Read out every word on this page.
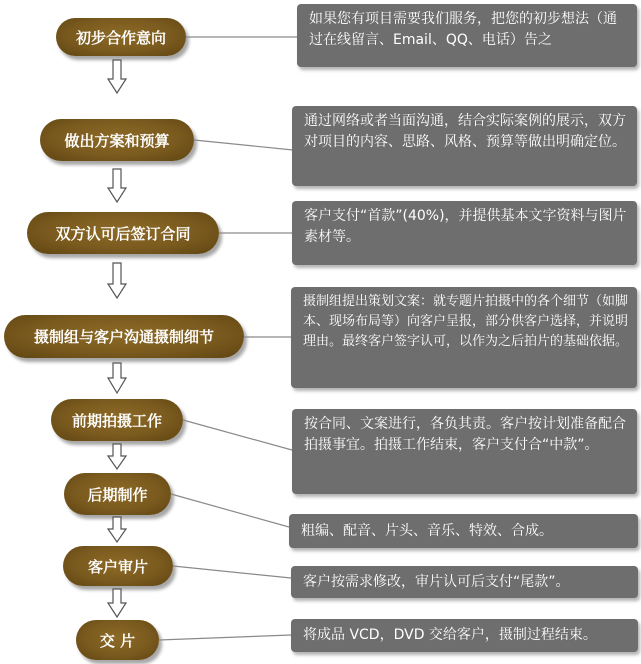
初步合作意向
做出方案和预算
双方认可后签订合同
摄制组与客户沟通摄制细节
前期拍摄工作
后期制作
客户审片
交 片
如果您有项目需要我们服务，把您的初步想法（通过在线留言、Email、QQ、电话）告之
通过网络或者当面沟通，结合实际案例的展示，双方对项目的内容、思路、风格、预算等做出明确定位。
客户支付“首款”(40%)，并提供基本文字资料与图片素材等。
摄制组提出策划文案：就专题片拍摄中的各个细节（如脚本、现场布局等）向客户呈报，部分供客户选择，并说明理由。最终客户签字认可，以作为之后拍片的基础依据。
按合同、文案进行，各负其责。客户按计划准备配合拍摄事宜。拍摄工作结束，客户支付合“中款”。
粗编、配音、片头、音乐、特效、合成。
客户按需求修改，审片认可后支付“尾款”。
将成品 VCD，DVD 交给客户，摄制过程结束。
